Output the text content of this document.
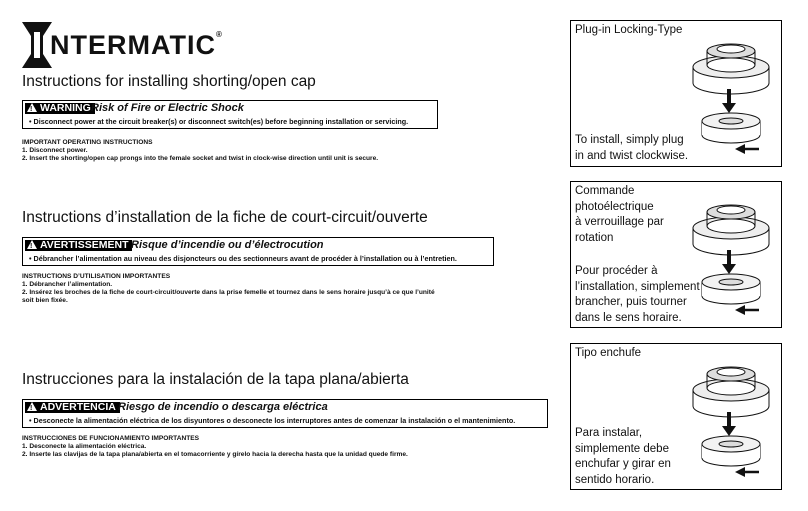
NTERMATIC®
Instructions for installing shorting/open cap
!WARNING Risk of Fire or Electric Shock
• Disconnect power at the circuit breaker(s) or disconnect switch(es) before beginning installation or servicing.
IMPORTANT OPERATING INSTRUCTIONS
1. Disconnect power.
2. Insert the shorting/open cap prongs into the female socket and twist in clock-wise direction until unit is secure.
Instructions d’installation de la fiche de court-circuit/ouverte
!AVERTISSEMENT Risque d’incendie ou d’électrocution
• Débrancher l’alimentation au niveau des disjoncteurs ou des sectionneurs avant de procéder à l’installation ou à l’entretien.
INSTRUCTIONS D’UTILISATION IMPORTANTES
1. Débrancher l’alimentation.
2. Insérez les broches de la fiche de court-circuit/ouverte dans la prise femelle et tournez dans le sens horaire jusqu’à ce que l’unité
soit bien fixée.
Instrucciones para la instalación de la tapa plana/abierta
!ADVERTENCIA Riesgo de incendio o descarga eléctrica
• Desconecte la alimentación eléctrica de los disyuntores o desconecte los interruptores antes de comenzar la instalación o el mantenimiento.
INSTRUCCIONES DE FUNCIONAMIENTO IMPORTANTES
1. Desconecte la alimentación eléctrica.
2. Inserte las clavijas de la tapa plana/abierta en el tomacorriente y gírelo hacia la derecha hasta que la unidad quede firme.
Plug-in Locking-Type
To install, simply plug
in and twist clockwise.
Commande
photoélectrique
à verrouillage par
rotation
Pour procéder à
l’installation, simplement
brancher, puis tourner
dans le sens horaire.
Tipo enchufe
Para instalar,
simplemente debe
enchufar y girar en
sentido horario.
